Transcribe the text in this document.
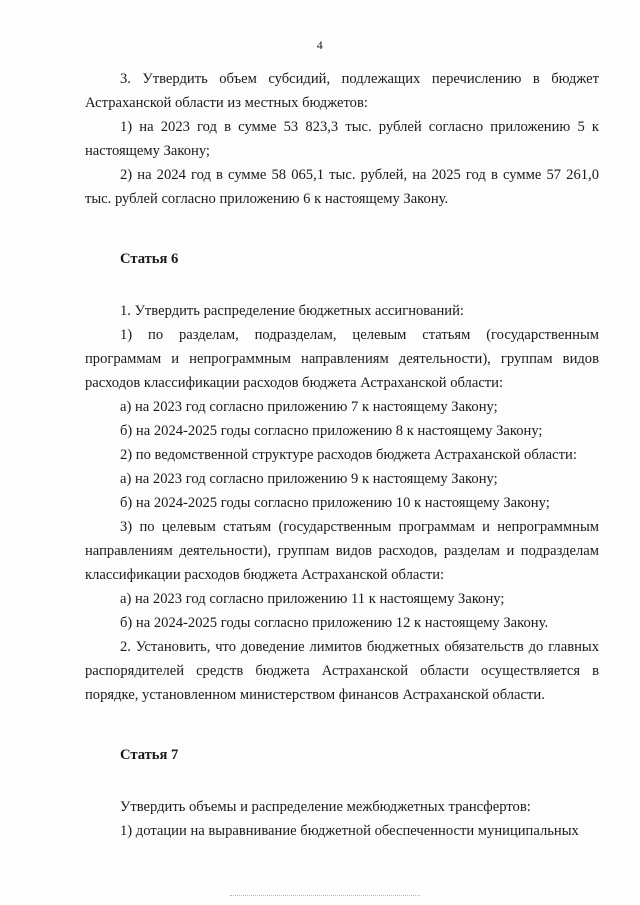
4

3. Утвердить объем субсидий, подлежащих перечислению в бюджет Астраханской области из местных бюджетов:

1) на 2023 год в сумме 53 823,3 тыс. рублей согласно приложению 5 к настоящему Закону;

2) на 2024 год в сумме 58 065,1 тыс. рублей, на 2025 год в сумме 57 261,0 тыс. рублей согласно приложению 6 к настоящему Закону.

Статья 6

1. Утвердить распределение бюджетных ассигнований:

1) по разделам, подразделам, целевым статьям (государственным программам и непрограммным направлениям деятельности), группам видов расходов классификации расходов бюджета Астраханской области:

а) на 2023 год согласно приложению 7 к настоящему Закону;

б) на 2024-2025 годы согласно приложению 8 к настоящему Закону;

2) по ведомственной структуре расходов бюджета Астраханской области:

а) на 2023 год согласно приложению 9 к настоящему Закону;

б) на 2024-2025 годы согласно приложению 10 к настоящему Закону;

3) по целевым статьям (государственным программам и непрограммным направлениям деятельности), группам видов расходов, разделам и подразделам классификации расходов бюджета Астраханской области:

а) на 2023 год согласно приложению 11 к настоящему Закону;

б) на 2024-2025 годы согласно приложению 12 к настоящему Закону.

2. Установить, что доведение лимитов бюджетных обязательств до главных распорядителей средств бюджета Астраханской области осуществляется в порядке, установленном министерством финансов Астраханской области.

Статья 7

Утвердить объемы и распределение межбюджетных трансфертов:

1) дотации на выравнивание бюджетной обеспеченности муниципальных
